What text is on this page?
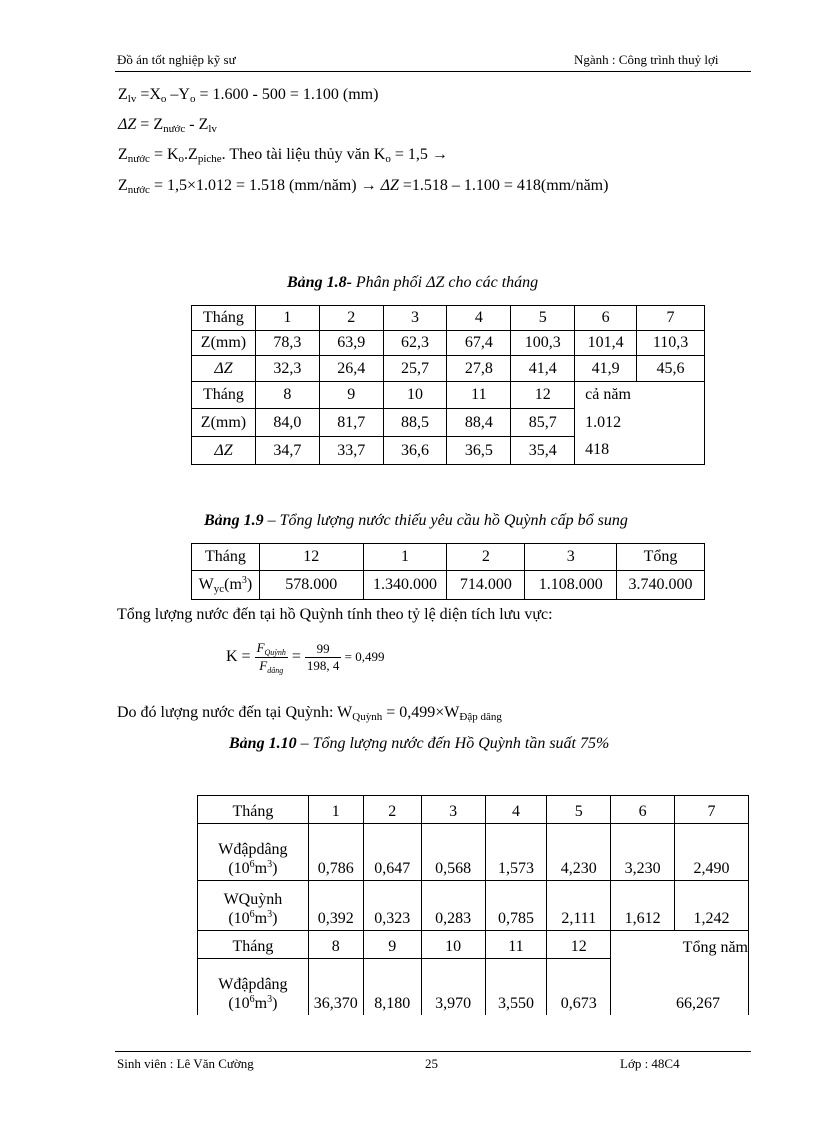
Đồ án tốt nghiệp kỹ sư	Ngành : Công trình thuỷ lợi
$Z_{lv} =X_o$ $-Y_o = 1.600 - 500 = 1.100$ (mm)
$\Delta Z = Z_{nước} - Z_{lv}$
$Z_{nước} = K_o.Z_{piche}$. Theo tài liệu thủy văn $K_o = 1,5$ →
$Z_{nước} = 1,5\times 1.012 = 1.518$ (mm/năm) → ΔZ =1.518 – 1.100 = 418(mm/năm)
Bảng 1.8- Phân phối ΔZ cho các tháng
Tháng	1	2	3	4	5	6	7
Z(mm)	78,3	63,9	62,3	67,4	100,3	101,4	110,3
ΔZ	32,3	26,4	25,7	27,8	41,4	41,9	45,6
Tháng	8	9	10	11	12	cả năm	
Z(mm)	84,0	81,7	88,5	88,4	85,7	1.012	
ΔZ	34,7	33,7	36,6	36,5	35,4	418	
Bảng 1.9 – Tổng lượng nước thiếu yêu cầu hồ Quỳnh cấp bổ sung
Tháng	12	1	2	3	Tổng
$W_{yc}(m^3)$	578.000	1.340.000	714.000	1.108.000	3.740.000
Tổng lượng nước đến tại hồ Quỳnh tính theo tỷ lệ diện tích lưu vực:
$K = \frac{F_{Quỳnh}}{F_{dâng}} = \frac{99}{198, 4} = 0,499$
Do đó lượng nước đến tại Quỳnh: $W_{Quỳnh} = 0,499\times W_{Đập dâng}$
Bảng 1.10 – Tổng lượng nước đến Hồ Quỳnh tần suất 75%
Tháng	1	2	3	4	5	6	7
Wđậpdâng
$(10^6m^3)$	0,786	0,647	0,568	1,573	4,230	3,230	2,490
WQuỳnh
$(10^6m^3)$	0,392	0,323	0,283	0,785	2,111	1,612	1,242
Tháng	8	9	10	11	12	Tổng năm	
Wđậpdâng
$(10^6m^3)$	36,370	8,180	3,970	3,550	0,673	66,267	
Sinh viên : Lê Văn Cường	25	Lớp : 48C4
